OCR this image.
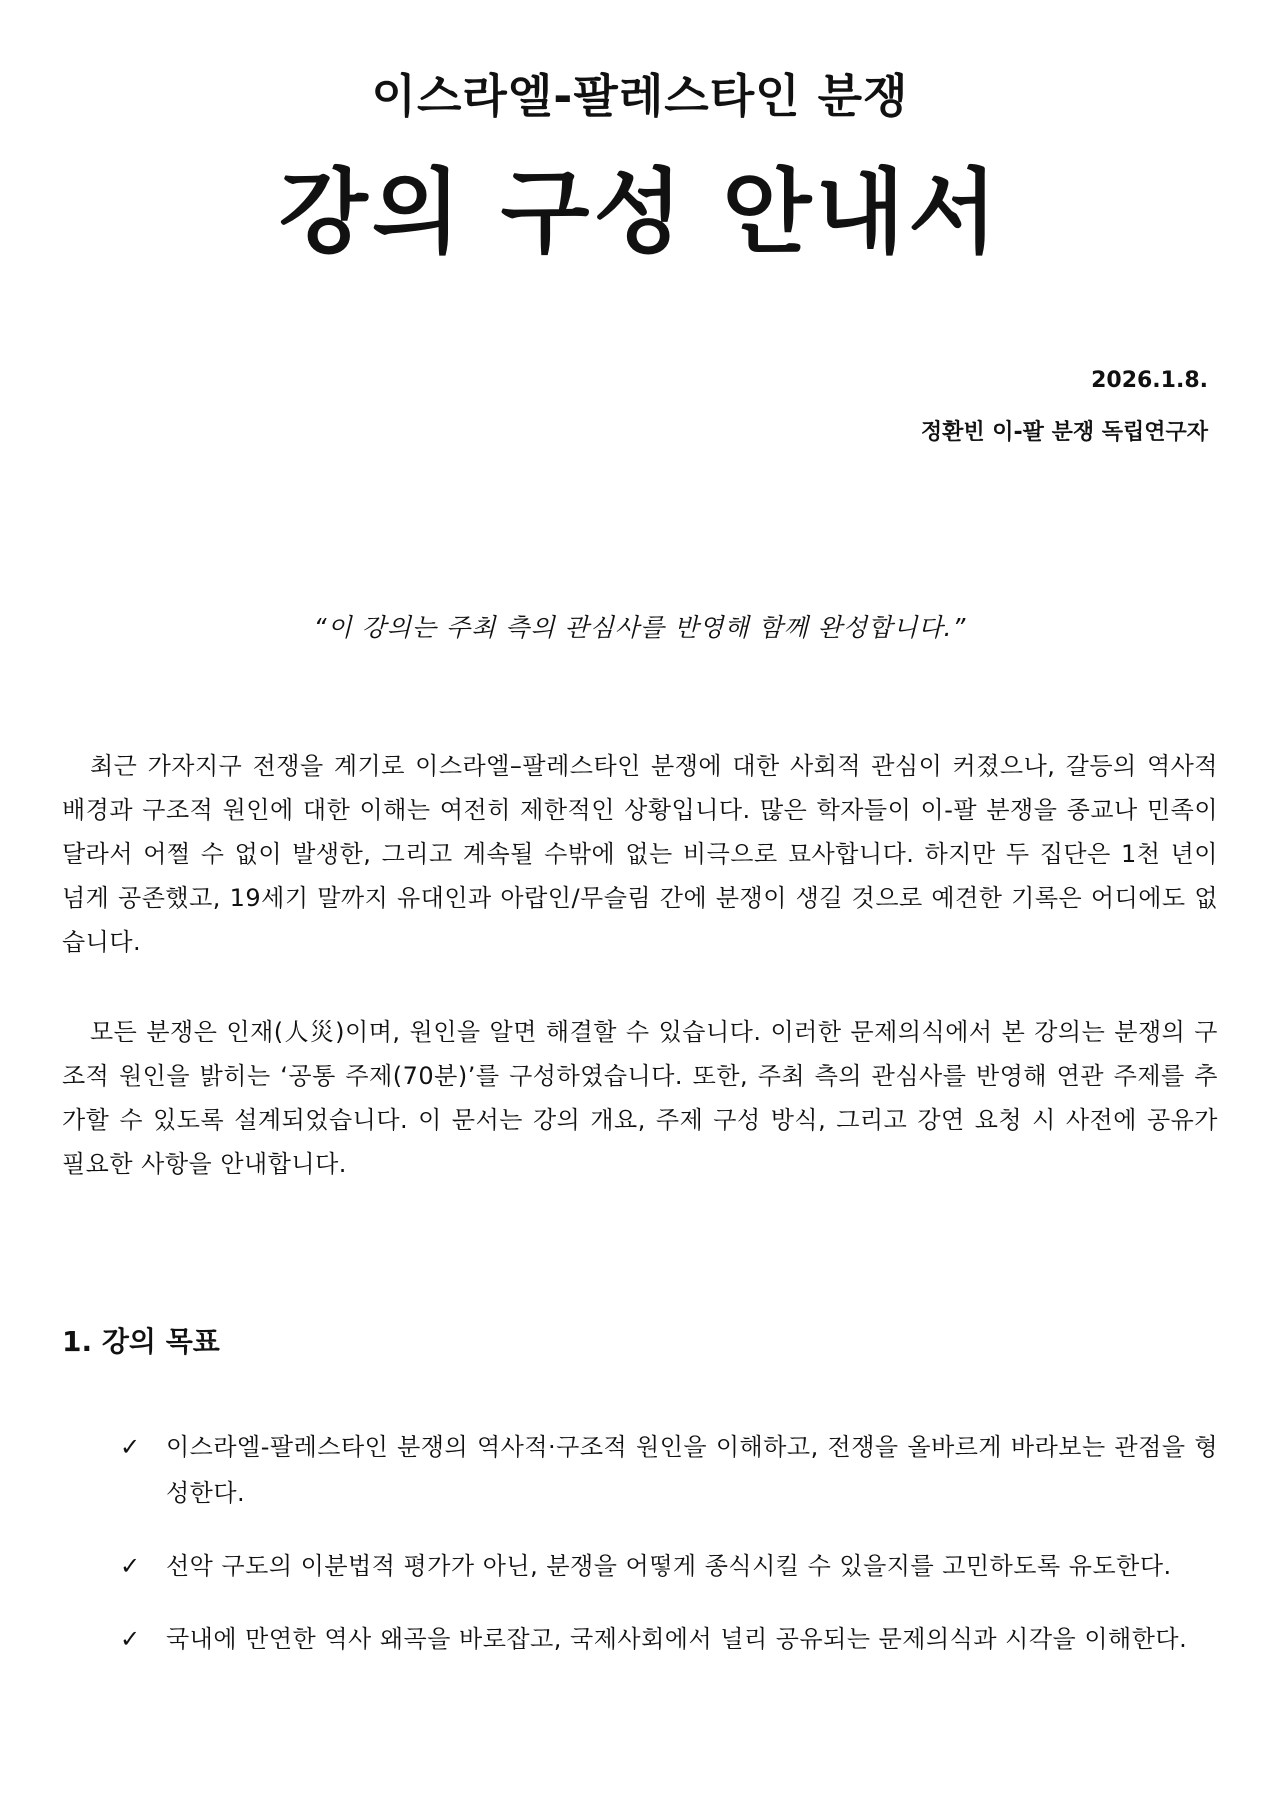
이스라엘-팔레스타인 분쟁
강의 구성 안내서
2026.1.8.
정환빈 이-팔 분쟁 독립연구자
“이 강의는 주최 측의 관심사를 반영해 함께 완성합니다.”

최근 가자지구 전쟁을 계기로 이스라엘–팔레스타인 분쟁에 대한 사회적 관심이 커졌으나, 갈등의 역사적 배경과 구조적 원인에 대한 이해는 여전히 제한적인 상황입니다. 많은 학자들이 이-팔 분쟁을 종교나 민족이 달라서 어쩔 수 없이 발생한, 그리고 계속될 수밖에 없는 비극으로 묘사합니다. 하지만 두 집단은 1천 년이 넘게 공존했고, 19세기 말까지 유대인과 아랍인/무슬림 간에 분쟁이 생길 것으로 예견한 기록은 어디에도 없습니다.

모든 분쟁은 인재(人災)이며, 원인을 알면 해결할 수 있습니다. 이러한 문제의식에서 본 강의는 분쟁의 구조적 원인을 밝히는 ‘공통 주제(70분)’를 구성하였습니다. 또한, 주최 측의 관심사를 반영해 연관 주제를 추가할 수 있도록 설계되었습니다. 이 문서는 강의 개요, 주제 구성 방식, 그리고 강연 요청 시 사전에 공유가 필요한 사항을 안내합니다.

1. 강의 목표
✓ 이스라엘-팔레스타인 분쟁의 역사적·구조적 원인을 이해하고, 전쟁을 올바르게 바라보는 관점을 형성한다.
✓ 선악 구도의 이분법적 평가가 아닌, 분쟁을 어떻게 종식시킬 수 있을지를 고민하도록 유도한다.
✓ 국내에 만연한 역사 왜곡을 바로잡고, 국제사회에서 널리 공유되는 문제의식과 시각을 이해한다.
